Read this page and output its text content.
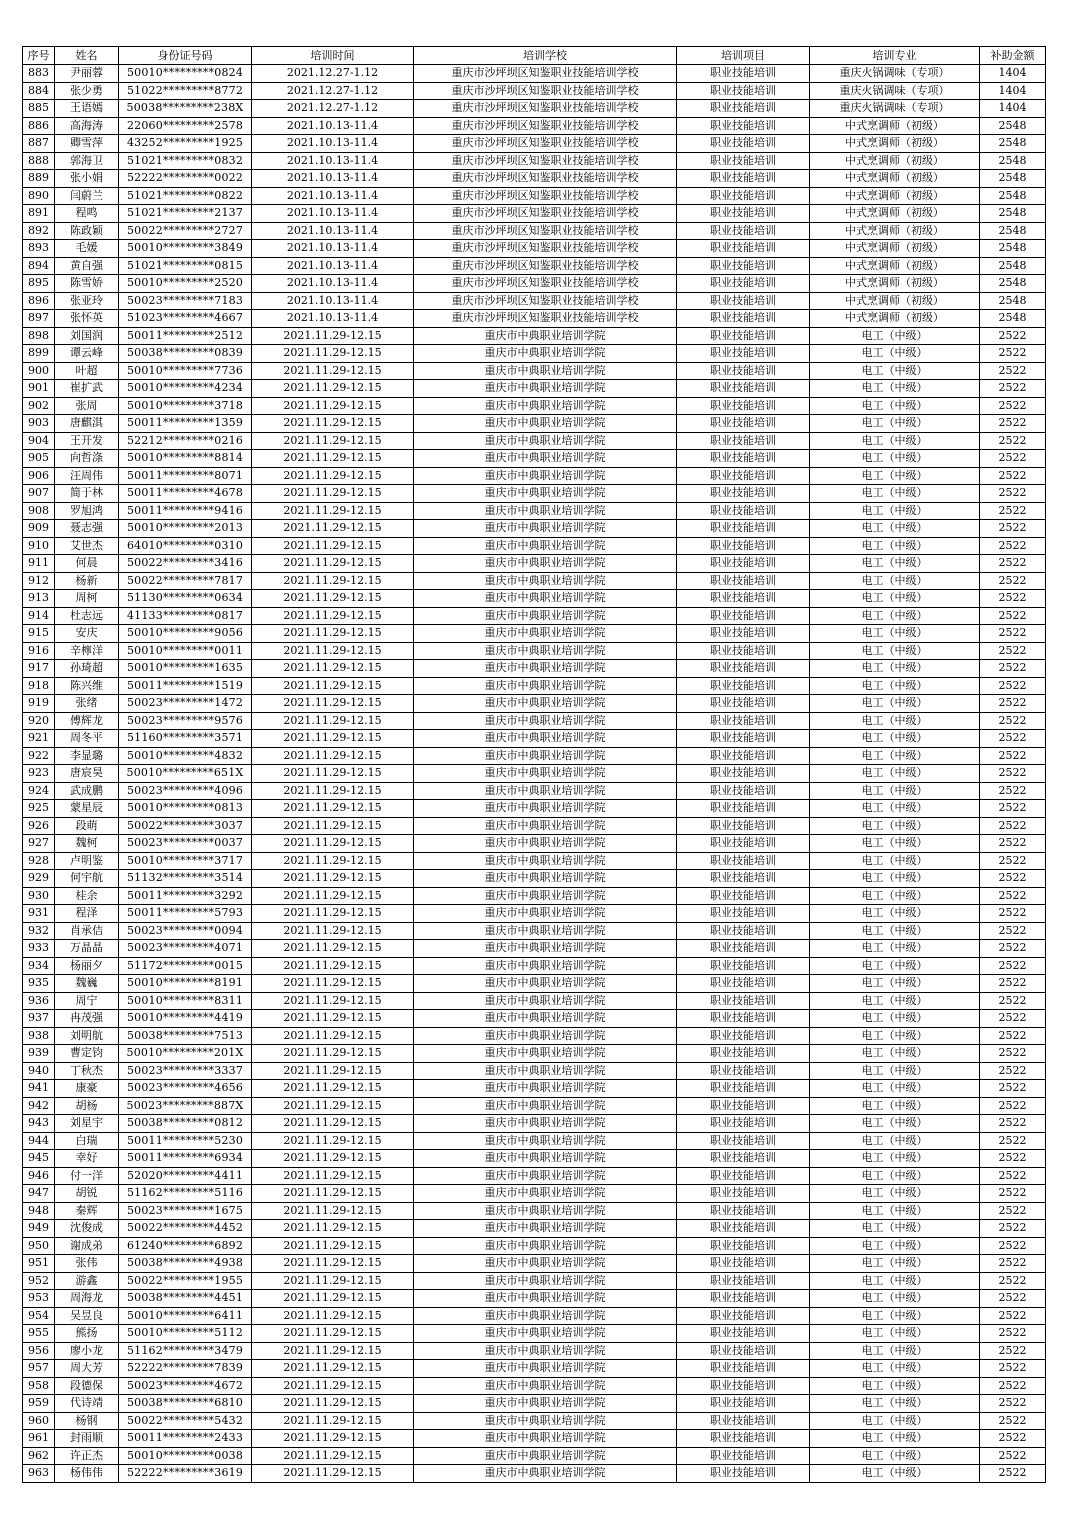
序号	姓名	身份证号码	培训时间	培训学校	培训项目	培训专业	补助金额
883	尹丽蓉	50010*********0824	2021.12.27-1.12	重庆市沙坪坝区知鉴职业技能培训学校	职业技能培训	重庆火锅调味（专项）	1404
884	张少勇	51022*********8772	2021.12.27-1.12	重庆市沙坪坝区知鉴职业技能培训学校	职业技能培训	重庆火锅调味（专项）	1404
885	王语嫣	50038*********238X	2021.12.27-1.12	重庆市沙坪坝区知鉴职业技能培训学校	职业技能培训	重庆火锅调味（专项）	1404
886	高海涛	22060*********2578	2021.10.13-11.4	重庆市沙坪坝区知鉴职业技能培训学校	职业技能培训	中式烹调师（初级）	2548
887	卿雪萍	43252*********1925	2021.10.13-11.4	重庆市沙坪坝区知鉴职业技能培训学校	职业技能培训	中式烹调师（初级）	2548
888	郭海卫	51021*********0832	2021.10.13-11.4	重庆市沙坪坝区知鉴职业技能培训学校	职业技能培训	中式烹调师（初级）	2548
889	张小娟	52222*********0022	2021.10.13-11.4	重庆市沙坪坝区知鉴职业技能培训学校	职业技能培训	中式烹调师（初级）	2548
890	闫蔚兰	51021*********0822	2021.10.13-11.4	重庆市沙坪坝区知鉴职业技能培训学校	职业技能培训	中式烹调师（初级）	2548
891	程鸣	51021*********2137	2021.10.13-11.4	重庆市沙坪坝区知鉴职业技能培训学校	职业技能培训	中式烹调师（初级）	2548
892	陈政颖	50022*********2727	2021.10.13-11.4	重庆市沙坪坝区知鉴职业技能培训学校	职业技能培训	中式烹调师（初级）	2548
893	毛媛	50010*********3849	2021.10.13-11.4	重庆市沙坪坝区知鉴职业技能培训学校	职业技能培训	中式烹调师（初级）	2548
894	黄自强	51021*********0815	2021.10.13-11.4	重庆市沙坪坝区知鉴职业技能培训学校	职业技能培训	中式烹调师（初级）	2548
895	陈雪娇	50010*********2520	2021.10.13-11.4	重庆市沙坪坝区知鉴职业技能培训学校	职业技能培训	中式烹调师（初级）	2548
896	张亚玲	50023*********7183	2021.10.13-11.4	重庆市沙坪坝区知鉴职业技能培训学校	职业技能培训	中式烹调师（初级）	2548
897	张怀英	51023*********4667	2021.10.13-11.4	重庆市沙坪坝区知鉴职业技能培训学校	职业技能培训	中式烹调师（初级）	2548
898	刘国润	50011*********2512	2021.11.29-12.15	重庆市中典职业培训学院	职业技能培训	电工（中级）	2522
899	谭云峰	50038*********0839	2021.11.29-12.15	重庆市中典职业培训学院	职业技能培训	电工（中级）	2522
900	叶超	50010*********7736	2021.11.29-12.15	重庆市中典职业培训学院	职业技能培训	电工（中级）	2522
901	崔扩武	50010*********4234	2021.11.29-12.15	重庆市中典职业培训学院	职业技能培训	电工（中级）	2522
902	张周	50010*********3718	2021.11.29-12.15	重庆市中典职业培训学院	职业技能培训	电工（中级）	2522
903	唐麒淇	50011*********1359	2021.11.29-12.15	重庆市中典职业培训学院	职业技能培训	电工（中级）	2522
904	王开发	52212*********0216	2021.11.29-12.15	重庆市中典职业培训学院	职业技能培训	电工（中级）	2522
905	向哲涤	50010*********8814	2021.11.29-12.15	重庆市中典职业培训学院	职业技能培训	电工（中级）	2522
906	汪周伟	50011*********8071	2021.11.29-12.15	重庆市中典职业培训学院	职业技能培训	电工（中级）	2522
907	简于林	50011*********4678	2021.11.29-12.15	重庆市中典职业培训学院	职业技能培训	电工（中级）	2522
908	罗旭鸿	50011*********9416	2021.11.29-12.15	重庆市中典职业培训学院	职业技能培训	电工（中级）	2522
909	聂志强	50010*********2013	2021.11.29-12.15	重庆市中典职业培训学院	职业技能培训	电工（中级）	2522
910	艾世杰	64010*********0310	2021.11.29-12.15	重庆市中典职业培训学院	职业技能培训	电工（中级）	2522
911	何晨	50022*********3416	2021.11.29-12.15	重庆市中典职业培训学院	职业技能培训	电工（中级）	2522
912	杨新	50022*********7817	2021.11.29-12.15	重庆市中典职业培训学院	职业技能培训	电工（中级）	2522
913	周柯	51130*********0634	2021.11.29-12.15	重庆市中典职业培训学院	职业技能培训	电工（中级）	2522
914	杜志远	41133*********0817	2021.11.29-12.15	重庆市中典职业培训学院	职业技能培训	电工（中级）	2522
915	安庆	50010*********9056	2021.11.29-12.15	重庆市中典职业培训学院	职业技能培训	电工（中级）	2522
916	辛檸洋	50010*********0011	2021.11.29-12.15	重庆市中典职业培训学院	职业技能培训	电工（中级）	2522
917	孙琦超	50010*********1635	2021.11.29-12.15	重庆市中典职业培训学院	职业技能培训	电工（中级）	2522
918	陈兴维	50011*********1519	2021.11.29-12.15	重庆市中典职业培训学院	职业技能培训	电工（中级）	2522
919	张绪	50023*********1472	2021.11.29-12.15	重庆市中典职业培训学院	职业技能培训	电工（中级）	2522
920	傅辉龙	50023*********9576	2021.11.29-12.15	重庆市中典职业培训学院	职业技能培训	电工（中级）	2522
921	周冬平	51160*********3571	2021.11.29-12.15	重庆市中典职业培训学院	职业技能培训	电工（中级）	2522
922	李显璐	50010*********4832	2021.11.29-12.15	重庆市中典职业培训学院	职业技能培训	电工（中级）	2522
923	唐宸昊	50010*********651X	2021.11.29-12.15	重庆市中典职业培训学院	职业技能培训	电工（中级）	2522
924	武成鹏	50023*********4096	2021.11.29-12.15	重庆市中典职业培训学院	职业技能培训	电工（中级）	2522
925	蒙星辰	50010*********0813	2021.11.29-12.15	重庆市中典职业培训学院	职业技能培训	电工（中级）	2522
926	段萌	50022*********3037	2021.11.29-12.15	重庆市中典职业培训学院	职业技能培训	电工（中级）	2522
927	魏柯	50023*********0037	2021.11.29-12.15	重庆市中典职业培训学院	职业技能培训	电工（中级）	2522
928	卢明鉴	50010*********3717	2021.11.29-12.15	重庆市中典职业培训学院	职业技能培训	电工（中级）	2522
929	何宇航	51132*********3514	2021.11.29-12.15	重庆市中典职业培训学院	职业技能培训	电工（中级）	2522
930	桂余	50011*********3292	2021.11.29-12.15	重庆市中典职业培训学院	职业技能培训	电工（中级）	2522
931	程泽	50011*********5793	2021.11.29-12.15	重庆市中典职业培训学院	职业技能培训	电工（中级）	2522
932	肖承佶	50023*********0094	2021.11.29-12.15	重庆市中典职业培训学院	职业技能培训	电工（中级）	2522
933	万晶晶	50023*********4071	2021.11.29-12.15	重庆市中典职业培训学院	职业技能培训	电工（中级）	2522
934	杨丽夕	51172*********0015	2021.11.29-12.15	重庆市中典职业培训学院	职业技能培训	电工（中级）	2522
935	魏巍	50010*********8191	2021.11.29-12.15	重庆市中典职业培训学院	职业技能培训	电工（中级）	2522
936	周宁	50010*********8311	2021.11.29-12.15	重庆市中典职业培训学院	职业技能培训	电工（中级）	2522
937	冉茂强	50010*********4419	2021.11.29-12.15	重庆市中典职业培训学院	职业技能培训	电工（中级）	2522
938	刘明航	50038*********7513	2021.11.29-12.15	重庆市中典职业培训学院	职业技能培训	电工（中级）	2522
939	曹定钧	50010*********201X	2021.11.29-12.15	重庆市中典职业培训学院	职业技能培训	电工（中级）	2522
940	丁秋杰	50023*********3337	2021.11.29-12.15	重庆市中典职业培训学院	职业技能培训	电工（中级）	2522
941	康豪	50023*********4656	2021.11.29-12.15	重庆市中典职业培训学院	职业技能培训	电工（中级）	2522
942	胡杨	50023*********887X	2021.11.29-12.15	重庆市中典职业培训学院	职业技能培训	电工（中级）	2522
943	刘星宇	50038*********0812	2021.11.29-12.15	重庆市中典职业培训学院	职业技能培训	电工（中级）	2522
944	白瑞	50011*********5230	2021.11.29-12.15	重庆市中典职业培训学院	职业技能培训	电工（中级）	2522
945	幸好	50011*********6934	2021.11.29-12.15	重庆市中典职业培训学院	职业技能培训	电工（中级）	2522
946	付一洋	52020*********4411	2021.11.29-12.15	重庆市中典职业培训学院	职业技能培训	电工（中级）	2522
947	胡锐	51162*********5116	2021.11.29-12.15	重庆市中典职业培训学院	职业技能培训	电工（中级）	2522
948	秦辉	50023*********1675	2021.11.29-12.15	重庆市中典职业培训学院	职业技能培训	电工（中级）	2522
949	沈俊成	50022*********4452	2021.11.29-12.15	重庆市中典职业培训学院	职业技能培训	电工（中级）	2522
950	谢成弟	61240*********6892	2021.11.29-12.15	重庆市中典职业培训学院	职业技能培训	电工（中级）	2522
951	张伟	50038*********4938	2021.11.29-12.15	重庆市中典职业培训学院	职业技能培训	电工（中级）	2522
952	游鑫	50022*********1955	2021.11.29-12.15	重庆市中典职业培训学院	职业技能培训	电工（中级）	2522
953	周海龙	50038*********4451	2021.11.29-12.15	重庆市中典职业培训学院	职业技能培训	电工（中级）	2522
954	吴昱良	50010*********6411	2021.11.29-12.15	重庆市中典职业培训学院	职业技能培训	电工（中级）	2522
955	熊扬	50010*********5112	2021.11.29-12.15	重庆市中典职业培训学院	职业技能培训	电工（中级）	2522
956	廖小龙	51162*********3479	2021.11.29-12.15	重庆市中典职业培训学院	职业技能培训	电工（中级）	2522
957	周大芳	52222*********7839	2021.11.29-12.15	重庆市中典职业培训学院	职业技能培训	电工（中级）	2522
958	段德保	50023*********4672	2021.11.29-12.15	重庆市中典职业培训学院	职业技能培训	电工（中级）	2522
959	代诗靖	50038*********6810	2021.11.29-12.15	重庆市中典职业培训学院	职业技能培训	电工（中级）	2522
960	杨钢	50022*********5432	2021.11.29-12.15	重庆市中典职业培训学院	职业技能培训	电工（中级）	2522
961	封雨顺	50011*********2433	2021.11.29-12.15	重庆市中典职业培训学院	职业技能培训	电工（中级）	2522
962	许正杰	50010*********0038	2021.11.29-12.15	重庆市中典职业培训学院	职业技能培训	电工（中级）	2522
963	杨伟伟	52222*********3619	2021.11.29-12.15	重庆市中典职业培训学院	职业技能培训	电工（中级）	2522
